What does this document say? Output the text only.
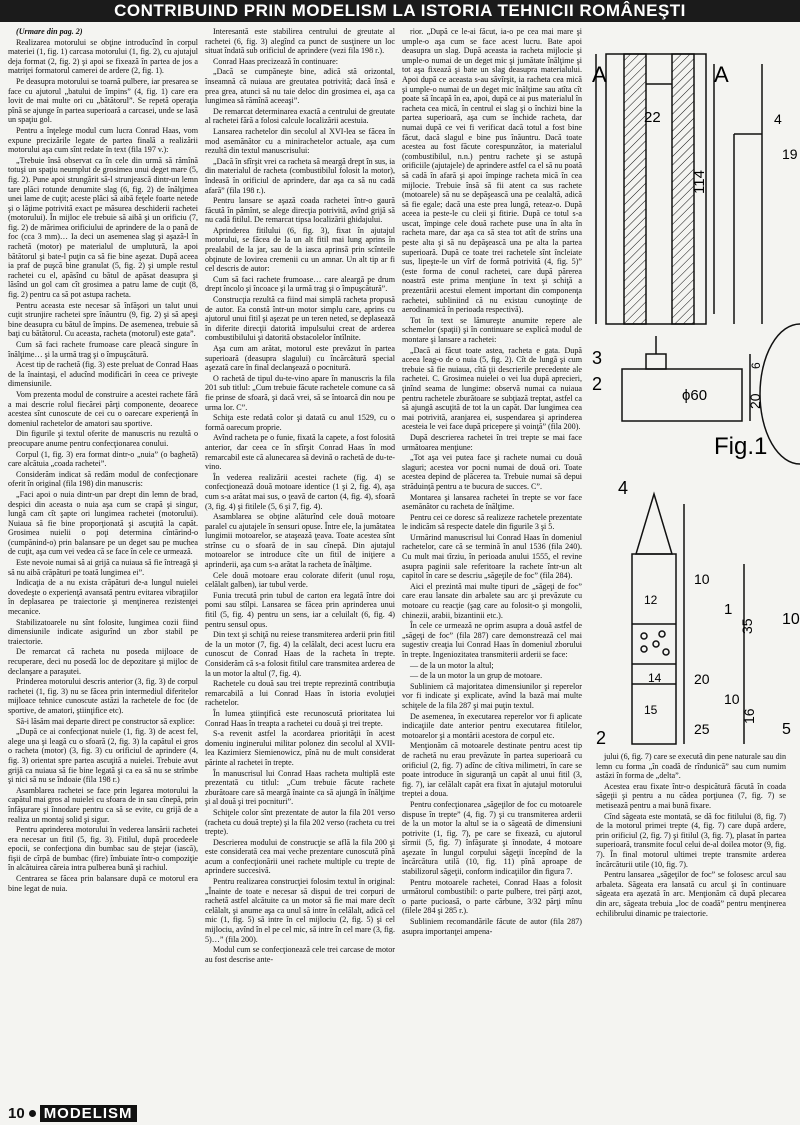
CONTRIBUIND PRIN MODELISM LA ISTORIA TEHNICII ROMÂNEŞTI

(Urmare din pag. 2)

Realizarea motorului se obţine introducînd în corpul materiei (1, fig. 1) carcasa motorului (1, fig. 2), cu ajutajul deja format (2, fig. 2) şi apoi se fixează în partea de jos a matriţei formatorul camerei de ardere (2, fig. 1).

Pe deasupra motorului se toarnă pulbere, iar presarea se face cu ajutorul „batului de împins” (4, fig. 1) care era lovit de mai multe ori cu „bătătorul”. Se repetă operaţia pînă se ajunge în partea superioară a carcasei, unde se lasă un spaţiu gol.

Pentru a înţelege modul cum lucra Conrad Haas, vom expune precizările legate de partea finală a realizării motorului aşa cum sînt redate în text (fila 197 v.):

„Trebuie însă observat ca în cele din urmă să rămînă totuşi un spaţiu neumplut de grosimea unui deget mare (5, fig. 2). Pune apoi strungărit să-l strunjească dintr-un lemn tare plăci rotunde denumite slag (6, fig. 2) de înălţimea unei lame de cuţit; aceste plăci să aibă feţele foarte netede şi o lăţime potrivită exact pe măsurea deschiderii rachetei (motorului). În mijloc ele trebuie să aibă şi un orificiu (7, fig. 2) de mărimea orificiului de aprindere de la o pană de foc (cca 3 mm)… Ia deci un asemenea slag şi aşază-l în rachetă (motor) pe materialul de umplutură, la apoi bătătorul şi bate-l puţin ca să fie bine aşezat. După aceea ia praf de puşcă bine granulat (5, fig. 2) şi umple restul rachetei cu el, apăsînd cu bătul de apăsat deasupra şi lăsînd un gol cam cît grosimea a patru lame de cuţit (8, fig. 2) pentru ca să pot astupa racheta.

Pentru aceasta este necesar să înfăşori un talut unui cuţit strunjire rachetei spre înăuntru (9, fig. 2) şi să apeşi bine deasupra cu bătul de împins. De asemenea, trebuie să baţi cu bătătorul. Cu aceasta, racheta (motorul) este gata”.

Cum să faci rachete frumoase care pleacă singure în înălţime… şi la urmă trag şi o împuşcătură.

Acest tip de rachetă (fig. 3) este preluat de Conrad Haas de la înaintaşi, el aducînd modificări în ceea ce priveşte dimensiunile.

Vom prezenta modul de construire a acestei rachete fără a mai descrie rolul fiecărei părţi componente, deoarece acestea sînt cunoscute de cei cu o oarecare experienţă în domeniul rachetelor de amatori sau sportive.

Din figurile şi textul oferite de manuscris nu rezultă o preocupare anume pentru confecţionarea conului.

Corpul (1, fig. 3) era format dintr-o „nuia” (o baghetă) care alcătuia „coada rachetei”.

Considerăm indicat să redăm modul de confecţionare oferit în original (fila 198) din manuscris:

„Faci apoi o nuia dintr-un par drept din lemn de brad, despici din aceasta o nuia aşa cum se crapă şi singur, lungă cam cît şapte ori lungimea rachetei (motorului). Nuiaua să fie bine proporţionată şi ascuţită la capăt. Grosimea nuielii o poţi determina cîntărind-o (cumpănind-o) prin balansare pe un deget sau pe muchea de cuţit, aşa cum vei vedea că se face în cele ce urmează.

Este nevoie numai să ai grijă ca nuiaua să fie întreagă şi să nu aibă crăpături pe toată lungimea ei”.

Indicaţia de a nu exista crăpături de-a lungul nuielei dovedeşte o experienţă avansată pentru evitarea vibraţiilor în deplasarea pe traiectorie şi menţinerea rezistenţei mecanice.

Stabilizatoarele nu sînt folosite, lungimea cozii fiind dimensiunile indicate asigurînd un zbor stabil pe traiectorie.

De remarcat că racheta nu poseda mijloace de recuperare, deci nu posedă loc de depozitare şi mijloc de declanşare a paraşutei.

Prinderea motorului descris anterior (3, fig. 3) de corpul rachetei (1, fig. 3) nu se făcea prin intermediul diferitelor mijloace tehnice cunoscute astăzi la rachetele de foc (de sportive, de amatori, ştiinţifice etc).

Să-i lăsăm mai departe direct pe constructor să explice:

„După ce ai confecţionat nuiele (1, fig. 3) de acest fel, alege una şi leagă cu o sfoară (2, fig. 3) la capătul ei gros o racheta (motor) (3, fig. 3) cu orificiul de aprindere (4, fig. 3) orientat spre partea ascuţită a nuielei. Trebuie avut grijă ca nuiaua să fie bine legată şi ca ea să nu se strîmbe şi nici să nu se îndoaie (fila 198 r.)

Asamblarea rachetei se face prin legarea motorului la capătul mai gros al nuielei cu sfoara de in sau cînepă, prin înfăşurare şi înnodare pentru ca să se evite, cu grijă de a realiza un montaj solid şi sigur.

Pentru aprinderea motorului în vederea lansării rachetei era necesar un fitil (5, fig. 3). Fitilul, după procedeele epocii, se confecţiona din bumbac sau de ştejar (iască), fişii de cîrpă de bumbac (fire) îmbuiate într-o compoziţie în alcătuirea căreia intra pulberea bună şi rachiul.

Centrarea se făcea prin balansare după ce motorul era bine legat de nuia.

Interesantă este stabilirea centrului de greutate al rachetei (6, fig. 3) alegînd ca punct de susţinere un loc situat îndată sub orificiul de aprindere (vezi fila 198 r.).

Conrad Haas precizează în continuare:

„Dacă se cumpăneşte bine, adică stă orizontal, înseamnă că nuiaua are greutatea potrivită; dacă însă e prea grea, atunci să nu taie deloc din grosimea ei, aşa ca lungimea să rămînă aceeaşi”.

De remarcat determinarea exactă a centrului de greutate al rachetei fără a folosi calcule localizării acestuia.

Lansarea rachetelor din secolul al XVI-lea se făcea în mod asemănător cu a minirachetelor actuale, aşa cum rezultă din textul manuscrisului:

„Dacă în sfîrşit vrei ca racheta să meargă drept în sus, ia din materialul de racheta (combustibilul folosit la motor), îndeasă în orificiul de aprindere, dar aşa ca să nu cadă afară” (fila 198 r.).

Pentru lansare se aşază coada rachetei într-o gaură făcută în pămînt, se alege direcţia potrivită, avînd grijă să nu cadă fitilul. De remarcat tipsa localizării ghidajului.

Aprinderea fitilului (6, fig. 3), fixat în ajutajul motorului, se făcea de la un alt fitil mai lung aprins în prealabil de la jar, sau de la iasca aprinsă prin scînteile obţinute de lovirea cremenii cu un amnar. Un alt tip ar fi cel descris de autor:

Cum să faci rachete frumoase… care aleargă pe drum drept încolo şi încoace şi la urmă trag şi o împuşcătură”.

Construcţia rezultă ca fiind mai simplă racheta propusă de autor. Ea constă într-un motor simplu care, aprins cu ajutorul unui fitil şi aşezat pe un teren neted, se deplasează în diferite direcţii datorită impulsului creat de arderea combustibilului şi datorită obstacolelor întîlnite.

Aşa cum am arătat, motorul este prevăzut în partea superioară (deasupra slagului) cu încărcătură special aşezată care în final declanşează o pocnitură.

O rachetă de tipul du-te-vino apare în manuscris la fila 201 sub titlul: „Cum trebuie făcute rachetele comune ca să fie prinse de sfoară, şi dacă vrei, să se întoarcă din nou pe urma lor. C”.

Schiţa este redată color şi datată cu anul 1529, cu o formă oarecum proprie.

Avînd racheta pe o funie, fixată la capete, a fost folosită anterior, dar ceea ce în sfîrşit Conrad Haas în mod remarcabil este că alunecarea să devină o rachetă de du-te-vino.

În vederea realizării acestei rachete (fig. 4) se confecţionează două motoare identice (1 şi 2, fig. 4), aşa cum s-a arătat mai sus, o ţeavă de carton (4, fig. 4), sfoară (3, fig. 4) şi fitilele (5, 6 şi 7, fig. 4).

Asamblarea se obţine alăturînd cele două motoare paralel cu ajutajele în sensuri opuse. Între ele, la jumătatea lungimii motoarelor, se ataşează ţeava. Toate acestea sînt strînse cu o sfoară de in sau cînepă. Din ajutajul motoarelor se introduce cîte un fitil de iniţiere a aprinderii, aşa cum s-a arătat la racheta de înălţime.

Cele două motoare erau colorate diferit (unul roşu, celălalt galben), iar tubul verde.

Funia trecută prin tubul de carton era legată între doi pomi sau stîlpi. Lansarea se făcea prin aprinderea unui fitil (5, fig. 4) pentru un sens, iar a celuilalt (6, fig. 4) pentru sensul opus.

Din text şi schiţă nu reiese transmiterea arderii prin fitil de la un motor (7, fig. 4) la celălalt, deci acest lucru era cunoscut de Conrad Haas de la racheta în trepte. Considerăm că s-a folosit fitilul care transmitea arderea de la un motor la altul (7, fig. 4).

Rachetele cu două sau trei trepte reprezintă contribuţia remarcabilă a lui Conrad Haas în istoria evoluţiei rachetelor.

În lumea ştiinţifică este recunoscută prioritatea lui Conrad Haas în treapta a rachetei cu două şi trei trepte.

S-a revenit astfel la acordarea priorităţii în acest domeniu inginerului militar polonez din secolul al XVII-lea Kazimierz Siemienowicz, pînă nu de mult considerat părinte al rachetei în trepte.

În manuscrisul lui Conrad Haas racheta multiplă este prezentată cu titlul: „Cum trebuie făcute rachete zburătoare care să meargă înainte ca să ajungă în înălţime şi al două şi trei pocnituri”.

Schiţele color sînt prezentate de autor la fila 201 verso (racheta cu două trepte) şi la fila 202 verso (racheta cu trei trepte).

Descrierea modului de construcţie se află la fila 200 şi este considerată cea mai veche prezentare cunoscută pînă acum a confecţionării unei rachete multiple cu trepte de aprindere succesivă.

Pentru realizarea construcţiei folosim textul în original: „Înainte de toate e necesar să dispui de trei corpuri de rachetă astfel alcătuite ca un motor să fie mai mare decît celălalt, şi anume aşa ca unul să intre în celălalt, adică cel mic (1, fig. 5) să intre în cel mijlociu (2, fig. 5) şi cel mijlociu, avînd în el pe cel mic, să intre în cel mare (3, fig. 5)…” (fila 200).

Modul cum se confecţionează cele trei carcase de motor au fost descrise ante-

rior. „După ce le-ai făcut, ia-o pe cea mai mare şi umple-o aşa cum se face acest lucru. Bate apoi deasupra un slag. După aceasta ia racheta mijlocie şi umple-o numai de un deget mic şi jumătate înălţime şi tot aşa fixează şi bate un slag deasupra materialului. Apoi după ce aceasta s-au săvîrşit, ia racheta cea mică şi umple-o numai de un deget mic înălţime sau atîta cît poate să încapă în ea, apoi, după ce ai pus materialul în racheta cea mică, în centrul ei slag şi o închizi bine la partea superioară, aşa cum se închide racheta, dar numai după ce vei fi verificat dacă totul a fost bine făcut, dacă slagul e bine pus înăuntru. Dacă toate acestea au fost făcute corespunzător, ia materialul (combustibilul, n.n.) pentru rachete şi se astupă orificiile (ajutajele) de aprindere astfel ca el să nu poată să cadă în afară şi apoi împinge racheta mică în cea mijlocie. Trebuie însă să fii atent ca sus rachete (motoarele) să nu se depăşească una pe cealaltă, adică să fie egale; dacă una este prea lungă, reteaz-o. După aceea ia peste-le cu cleii şi fitirie. După ce totul s-a uscat, împinge cele două rachete puse una în alta în racheta mare, dar aşa ca să stea tot atît de strîns una peste alta şi să nu depăşească una pe alta la partea superioară. După ce toate trei rachetele sînt încleiate sus, lipeşte-le un vîrf de formă potrivită (4, fig. 5)” (este forma de conul rachetei, care după părerea noastră este prima menţiune în text şi schiţă a prezentării acestui element important din componenţa rachetei, subliniind că nu existau cunoştinţe de aerodinamică în perioada respectivă).

Tot în text se lămureşte anumite repere ale schemelor (spaţii) şi în continuare se explică modul de montare şi lansare a rachetei:

„Dacă ai făcut toate astea, racheta e gata. După aceea leag-o de o nuia (5, fig. 2). Cît de lungă şi cum trebuie să fie nuiaua, cîtă ţii descrierile precedente ale rachetei. C. Grosimea nuielei o vei lua după aprecieri, ţinînd seama de lungime: observă numai ca nuiaua pentru rachetele zburătoare se subţiază treptat, astfel ca să ajungă ascuţită de tot la un capăt. Dar lungimea cea mai potrivită, aranjarea ei, suspendarea şi aprinderea acesteia le vei face după pricepere şi voinţă” (fila 200).

După descrierea rachetei în trei trepte se mai face următoarea menţiune:

„Tot aşa vei putea face şi rachete numai cu două slaguri; acestea vor pocni numai de două ori. Toate acestea depind de plăcerea ta. Trebuie numai să depui străduinţă pentru a te bucura de succes. C”.

Montarea şi lansarea rachetei în trepte se vor face asemănător cu racheta de înălţime.

Pentru cei ce doresc să realizeze rachetele prezentate le indicăm să respecte datele din figurile 3 şi 5.

Urmărind manuscrisul lui Conrad Haas în domeniul rachetelor, care că se termină în anul 1536 (fila 240). Cu mult mai tîrziu, în perioada anului 1555, el revine asupra paginii sale referitoare la rachete într-un alt capitol în care se descriu „săgeţile de foc” (fila 284).

Aici el prezintă mai multe tipuri de „săgeţi de foc” care erau lansate din arbalete sau arc şi prevăzute cu motoare cu reacţie (şag care au folosit-o şi mongolii, chinezii, arabii, bizantinii etc.).

În cele ce urmează ne oprim asupra a două astfel de „săgeţi de foc” (fila 287) care demonstrează cel mai sugestiv creaţia lui Conrad Haas în domeniul zborului în trepte. Ingeniozitatea transmiterii arderii se face:

— de la un motor la altul;

— de la un motor la un grup de motoare.

Subliniem că majoritatea dimensiunilor şi reperelor vor fi indicate şi explicate, avînd la bază mai multe schiţele de la fila 287 şi mai puţin textul.

De asemenea, în executarea reperelor vor fi aplicate indicaţiile date anterior pentru executarea fitilelor, motoarelor şi a montării acestora de corpul etc.

Menţionăm că motoarele destinate pentru acest tip de rachetă nu erau prevăzute în partea superioară cu orificiul (2, fig. 7) adînc de cîtiva milimetri, în care se poate introduce în siguranţă un capăt al unui fitil (3, fig. 7), iar celălalt capăt era fixat în ajutajul motorului treptei a doua.

Pentru confecţionarea „săgeţilor de foc cu motoarele dispuse în trepte” (4, fig. 7) şi cu transmiterea arderii de la un motor la altul se ia o săgeată de dimensiuni potrivite (1, fig. 7), pe care se fixează, cu ajutorul sîrmii (5, fig. 7) înfăşurate şi înnodate, 4 motoare aşezate în lungul corpului săgeţii începînd de la încărcătura utilă (10, fig. 11) pînă aproape de stabilizorul săgeţii, conform indicaţiilor din figura 7.

Pentru motoarele rachetei, Conrad Haas a folosit următorul combustibil: o parte pulbere, trei părţi azot, o parte pucioasă, o parte cărbune, 3/32 părţi mînu (filele 284 şi 285 r.).

Subliniem recomandările făcute de autor (fila 287) asupra importanţei ampena-

jului (6, fig. 7) care se execută din pene naturale sau din lemn cu forma „în coadă de rîndunică” sau cum numim astăzi în forma de „delta”.

Acestea erau fixate într-o despicătură făcută în coada săgeţii şi pentru a nu cădea porţiunea (7, fig. 7) se metisează pentru a mai bună fixare.

Cînd săgeata este montată, se dă foc fitilului (8, fig. 7) de la motorul primei trepte (4, fig. 7) care după ardere, prin orificiul (2, fig. 7) şi fitilul (3, fig. 7), plasat în partea superioară, transmite focul celui de-al doilea motor (9, fig. 7). În final motorul ultimei trepte transmite arderea încărcăturii utile (10, fig. 7).

Pentru lansarea „săgeţilor de foc” se folosesc arcul sau arbaleta. Săgeata era lansată cu arcul şi în continuare săgeata era aşezată în arc. Menţionăm că după plecarea din arc, săgeata trebuia „loc de coadă” pentru menţinerea echilibrului dinamic pe traiectorie.

A	A
22
114
4
19
3
2
ϕ60	20
6
Fig.1
4
2
1
12
14
15
10
35
20
25
16
10
10
5
10 MODELISM
